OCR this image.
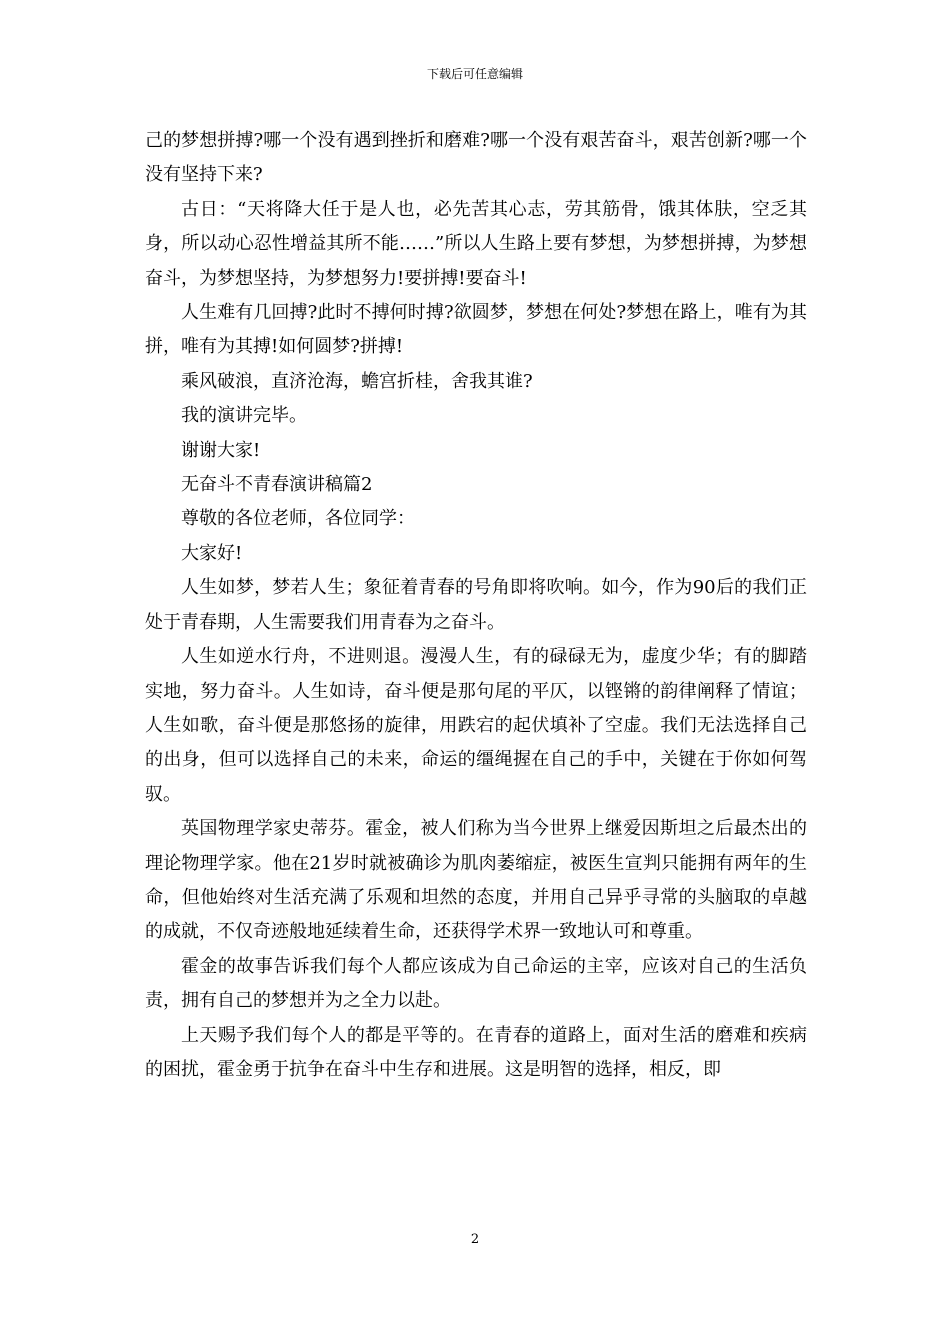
下载后可任意编辑

己的梦想拼搏?哪一个没有遇到挫折和磨难?哪一个没有艰苦奋斗，艰苦创新?哪一个没有坚持下来?

古日：“天将降大任于是人也，必先苦其心志，劳其筋骨，饿其体肤，空乏其身，所以动心忍性增益其所不能……”所以人生路上要有梦想，为梦想拼搏，为梦想奋斗，为梦想坚持，为梦想努力!要拼搏!要奋斗!

人生难有几回搏?此时不搏何时搏?欲圆梦，梦想在何处?梦想在路上，唯有为其拼，唯有为其搏!如何圆梦?拼搏!

乘风破浪，直济沧海，蟾宫折桂，舍我其谁?

我的演讲完毕。

谢谢大家!

无奋斗不青春演讲稿篇2

尊敬的各位老师，各位同学：

大家好!

人生如梦，梦若人生；象征着青春的号角即将吹响。如今，作为90后的我们正处于青春期，人生需要我们用青春为之奋斗。

人生如逆水行舟，不进则退。漫漫人生，有的碌碌无为，虚度少华；有的脚踏实地，努力奋斗。人生如诗，奋斗便是那句尾的平仄，以铿锵的韵律阐释了情谊；人生如歌，奋斗便是那悠扬的旋律，用跌宕的起伏填补了空虚。我们无法选择自己的出身，但可以选择自己的未来，命运的缰绳握在自己的手中，关键在于你如何驾驭。

英国物理学家史蒂芬。霍金，被人们称为当今世界上继爱因斯坦之后最杰出的理论物理学家。他在21岁时就被确诊为肌肉萎缩症，被医生宣判只能拥有两年的生命，但他始终对生活充满了乐观和坦然的态度，并用自己异乎寻常的头脑取的卓越的成就，不仅奇迹般地延续着生命，还获得学术界一致地认可和尊重。

霍金的故事告诉我们每个人都应该成为自己命运的主宰，应该对自己的生活负责，拥有自己的梦想并为之全力以赴。

上天赐予我们每个人的都是平等的。在青春的道路上，面对生活的磨难和疾病的困扰，霍金勇于抗争在奋斗中生存和进展。这是明智的选择，相反，即

2
